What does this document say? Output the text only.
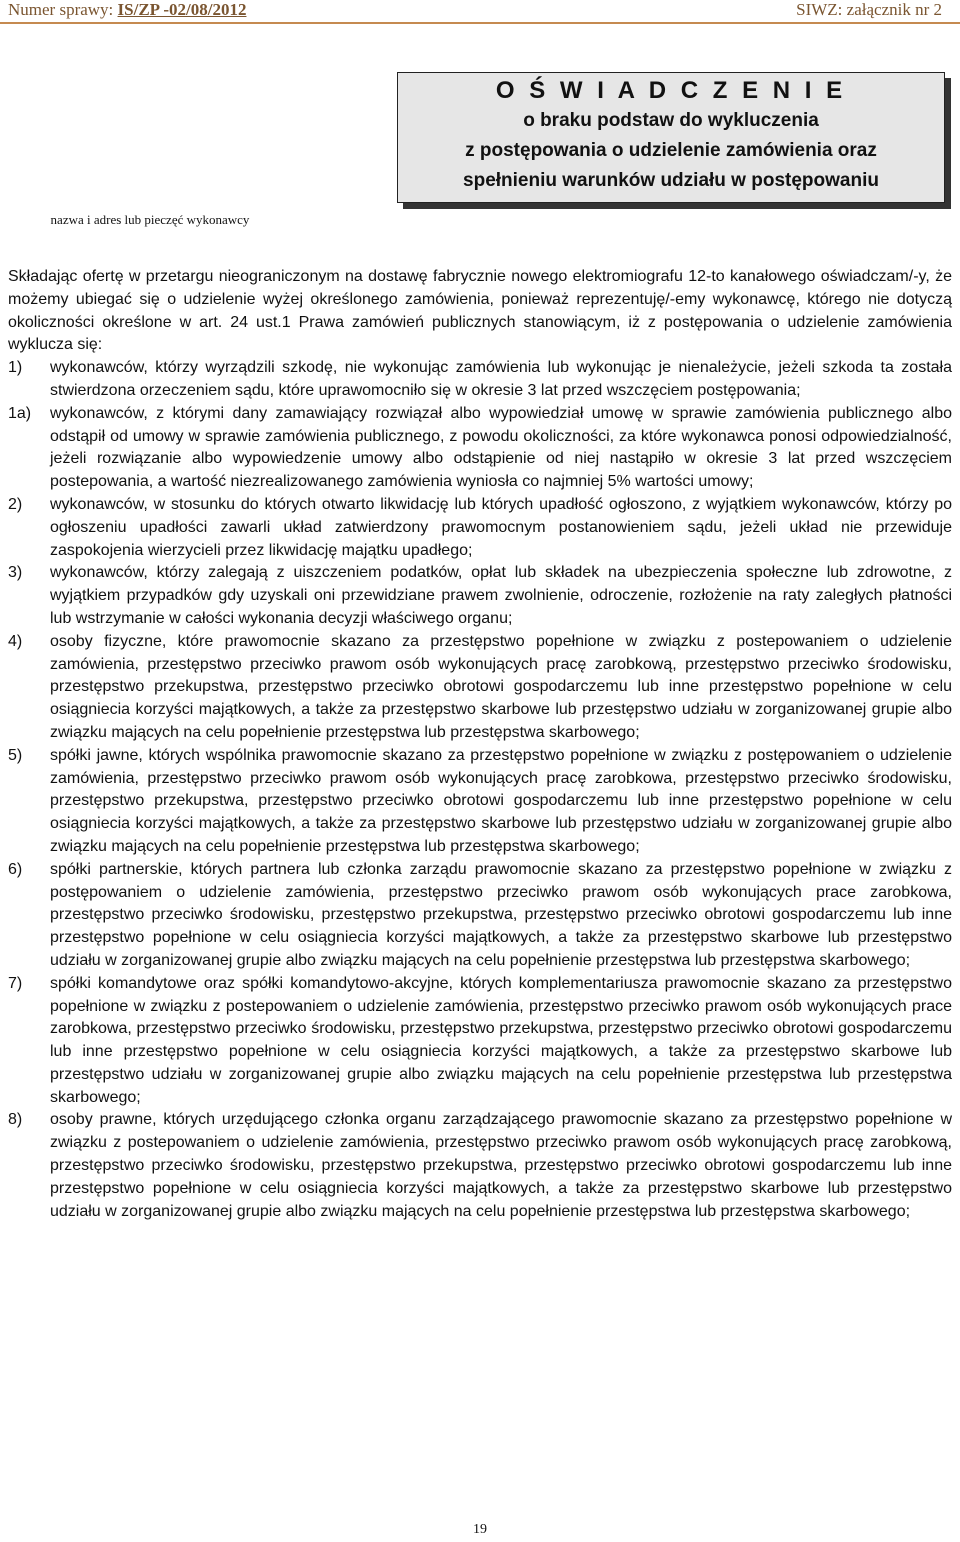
Numer sprawy: IS/ZP -02/08/2012	SIWZ: załącznik nr 2
nazwa i adres lub pieczęć wykonawcy
O Ś W I A D C Z E N I E
o braku podstaw do wykluczenia
z postępowania o udzielenie zamówienia oraz
spełnieniu warunków udziału w postępowaniu

Składając ofertę w przetargu nieograniczonym na dostawę fabrycznie nowego elektromiografu 12-to kanałowego oświadczam/-y, że możemy ubiegać się o udzielenie wyżej określonego zamówienia, ponieważ reprezentuję/-emy wykonawcę, którego nie dotyczą okoliczności określone w art. 24 ust.1 Prawa zamówień publicznych stanowiącym, iż z postępowania o udzielenie zamówienia wyklucza się:

1)	wykonawców, którzy wyrządzili szkodę, nie wykonując zamówienia lub wykonując je nienależycie, jeżeli szkoda ta została stwierdzona orzeczeniem sądu, które uprawomocniło się w okresie 3 lat przed wszczęciem postępowania;
1a)	wykonawców, z którymi dany zamawiający rozwiązał albo wypowiedział umowę w sprawie zamówienia publicznego albo odstąpił od umowy w sprawie zamówienia publicznego, z powodu okoliczności, za które wykonawca ponosi odpowiedzialność, jeżeli rozwiązanie albo wypowiedzenie umowy albo odstąpienie od niej nastąpiło w okresie 3 lat przed wszczęciem postepowania, a wartość niezrealizowanego zamówienia wyniosła co najmniej 5% wartości umowy;
2)	wykonawców, w stosunku do których otwarto likwidację lub których upadłość ogłoszono, z wyjątkiem wykonawców, którzy po ogłoszeniu upadłości zawarli układ zatwierdzony prawomocnym postanowieniem sądu, jeżeli układ nie przewiduje zaspokojenia wierzycieli przez likwidację majątku upadłego;
3)	wykonawców, którzy zalegają z uiszczeniem podatków, opłat lub składek na ubezpieczenia społeczne lub zdrowotne, z wyjątkiem przypadków gdy uzyskali oni przewidziane prawem zwolnienie, odroczenie, rozłożenie na raty zaległych płatności lub wstrzymanie w całości wykonania decyzji właściwego organu;
4)	osoby fizyczne, które prawomocnie skazano za przestępstwo popełnione w związku z postepowaniem o udzielenie zamówienia, przestępstwo przeciwko prawom osób wykonujących pracę zarobkową, przestępstwo przeciwko środowisku, przestępstwo przekupstwa, przestępstwo przeciwko obrotowi gospodarczemu lub inne przestępstwo popełnione w celu osiągniecia korzyści majątkowych, a także za przestępstwo skarbowe lub przestępstwo udziału w zorganizowanej grupie albo związku mających na celu popełnienie przestępstwa lub przestępstwa skarbowego;
5)	spółki jawne, których wspólnika prawomocnie skazano za przestępstwo popełnione w związku z postępowaniem o udzielenie zamówienia, przestępstwo przeciwko prawom osób wykonujących pracę zarobkowa, przestępstwo przeciwko środowisku, przestępstwo przekupstwa, przestępstwo przeciwko obrotowi gospodarczemu lub inne przestępstwo popełnione w celu osiągniecia korzyści majątkowych, a także za przestępstwo skarbowe lub przestępstwo udziału w zorganizowanej grupie albo związku mających na celu popełnienie przestępstwa lub przestępstwa skarbowego;
6)	spółki partnerskie, których partnera lub członka zarządu prawomocnie skazano za przestępstwo popełnione w związku z postępowaniem o udzielenie zamówienia, przestępstwo przeciwko prawom osób wykonujących prace zarobkowa, przestępstwo przeciwko środowisku, przestępstwo przekupstwa, przestępstwo przeciwko obrotowi gospodarczemu lub inne przestępstwo popełnione w celu osiągniecia korzyści majątkowych, a także za przestępstwo skarbowe lub przestępstwo udziału w zorganizowanej grupie albo związku mających na celu popełnienie przestępstwa lub przestępstwa skarbowego;
7)	spółki komandytowe oraz spółki komandytowo-akcyjne, których komplementariusza prawomocnie skazano za przestępstwo popełnione w związku z postepowaniem o udzielenie zamówienia, przestępstwo przeciwko prawom osób wykonujących prace zarobkowa, przestępstwo przeciwko środowisku, przestępstwo przekupstwa, przestępstwo przeciwko obrotowi gospodarczemu lub inne przestępstwo popełnione w celu osiągniecia korzyści majątkowych, a także za przestępstwo skarbowe lub przestępstwo udziału w zorganizowanej grupie albo związku mających na celu popełnienie przestępstwa lub przestępstwa skarbowego;
8)	osoby prawne, których urzędującego członka organu zarządzającego prawomocnie skazano za przestępstwo popełnione w związku z postepowaniem o udzielenie zamówienia, przestępstwo przeciwko prawom osób wykonujących pracę zarobkową, przestępstwo przeciwko środowisku, przestępstwo przekupstwa, przestępstwo przeciwko obrotowi gospodarczemu lub inne przestępstwo popełnione w celu osiągniecia korzyści majątkowych, a także za przestępstwo skarbowe lub przestępstwo udziału w zorganizowanej grupie albo związku mających na celu popełnienie przestępstwa lub przestępstwa skarbowego;
19
